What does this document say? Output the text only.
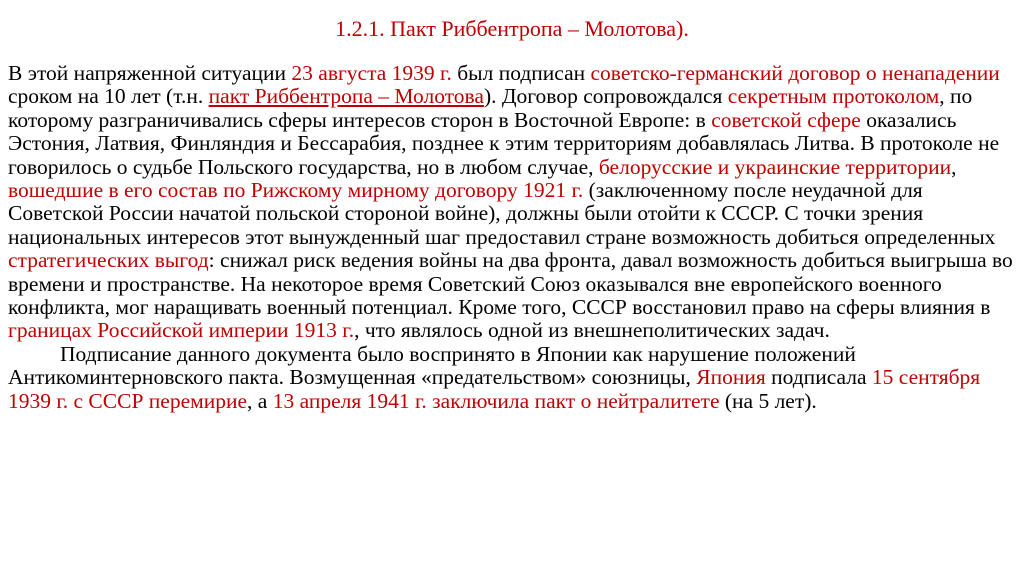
1.2.1. Пакт Риббентропа – Молотова).

В этой напряженной ситуации 23 августа 1939 г. был подписан советско-германский договор о ненападении сроком на 10 лет (т.н. пакт Риббентропа – Молотова). Договор сопровождался секретным протоколом, по которому разграничивались сферы интересов сторон в Восточной Европе: в советской сфере оказались Эстония, Латвия, Финляндия и Бессарабия, позднее к этим территориям добавлялась Литва. В протоколе не говорилось о судьбе Польского государства, но в любом случае, белорусские и украинские территории, вошедшие в его состав по Рижскому мирному договору 1921 г. (заключенному после неудачной для Советской России начатой польской стороной войне), должны были отойти к СССР. С точки зрения национальных интересов этот вынужденный шаг предоставил стране возможность добиться определенных стратегических выгод: снижал риск ведения войны на два фронта, давал возможность добиться выигрыша во времени и пространстве. На некоторое время Советский Союз оказывался вне европейского военного конфликта, мог наращивать военный потенциал. Кроме того, СССР восстановил право на сферы влияния в границах Российской империи 1913 г., что являлось одной из внешнеполитических задач.

Подписание данного документа было воспринято в Японии как нарушение положений Антикоминтерновского пакта. Возмущенная «предательством» союзницы, Япония подписала 15 сентября 1939 г. с СССР перемирие, а 13 апреля 1941 г. заключила пакт о нейтралитете (на 5 лет).
